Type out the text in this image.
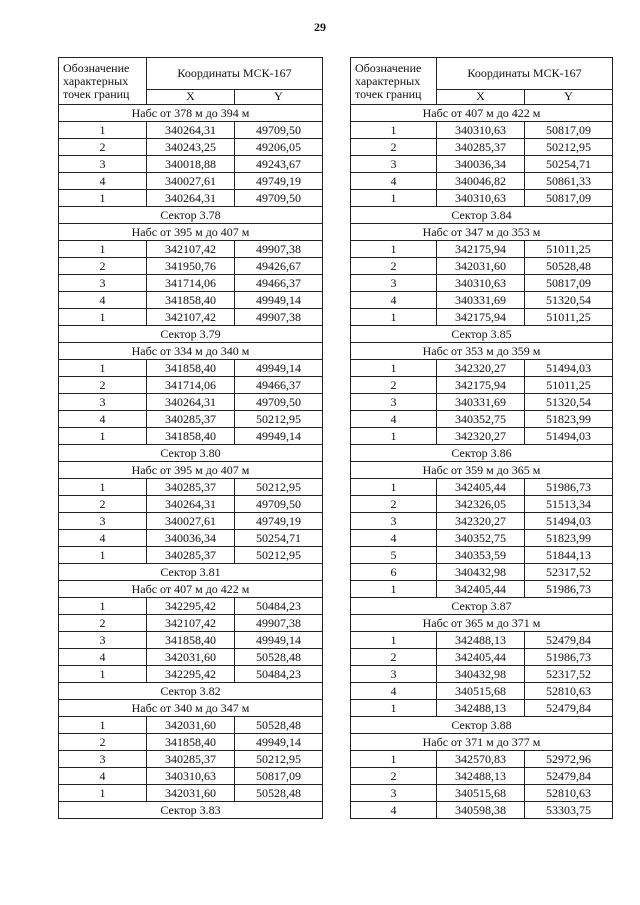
29
Обозначение
характерных
точек границ	Координаты МСК-167	
	X	Y
Набс от 378 м до 394 м		
1	340264,31	49709,50
2	340243,25	49206,05
3	340018,88	49243,67
4	340027,61	49749,19
1	340264,31	49709,50
Сектор 3.78		
Набс от 395 м до 407 м		
1	342107,42	49907,38
2	341950,76	49426,67
3	341714,06	49466,37
4	341858,40	49949,14
1	342107,42	49907,38
Сектор 3.79		
Набс от 334 м до 340 м		
1	341858,40	49949,14
2	341714,06	49466,37
3	340264,31	49709,50
4	340285,37	50212,95
1	341858,40	49949,14
Сектор 3.80		
Набс от 395 м до 407 м		
1	340285,37	50212,95
2	340264,31	49709,50
3	340027,61	49749,19
4	340036,34	50254,71
1	340285,37	50212,95
Сектор 3.81		
Набс от 407 м до 422 м		
1	342295,42	50484,23
2	342107,42	49907,38
3	341858,40	49949,14
4	342031,60	50528,48
1	342295,42	50484,23
Сектор 3.82		
Набс от 340 м до 347 м		
1	342031,60	50528,48
2	341858,40	49949,14
3	340285,37	50212,95
4	340310,63	50817,09
1	342031,60	50528,48
Сектор 3.83		
Обозначение
характерных
точек границ	Координаты МСК-167	
	X	Y
Набс от 407 м до 422 м		
1	340310,63	50817,09
2	340285,37	50212,95
3	340036,34	50254,71
4	340046,82	50861,33
1	340310,63	50817,09
Сектор 3.84		
Набс от 347 м до 353 м		
1	342175,94	51011,25
2	342031,60	50528,48
3	340310,63	50817,09
4	340331,69	51320,54
1	342175,94	51011,25
Сектор 3.85		
Набс от 353 м до 359 м		
1	342320,27	51494,03
2	342175,94	51011,25
3	340331,69	51320,54
4	340352,75	51823,99
1	342320,27	51494,03
Сектор 3.86		
Набс от 359 м до 365 м		
1	342405,44	51986,73
2	342326,05	51513,34
3	342320,27	51494,03
4	340352,75	51823,99
5	340353,59	51844,13
6	340432,98	52317,52
1	342405,44	51986,73
Сектор 3.87		
Набс от 365 м до 371 м		
1	342488,13	52479,84
2	342405,44	51986,73
3	340432,98	52317,52
4	340515,68	52810,63
1	342488,13	52479,84
Сектор 3.88		
Набс от 371 м до 377 м		
1	342570,83	52972,96
2	342488,13	52479,84
3	340515,68	52810,63
4	340598,38	53303,75
